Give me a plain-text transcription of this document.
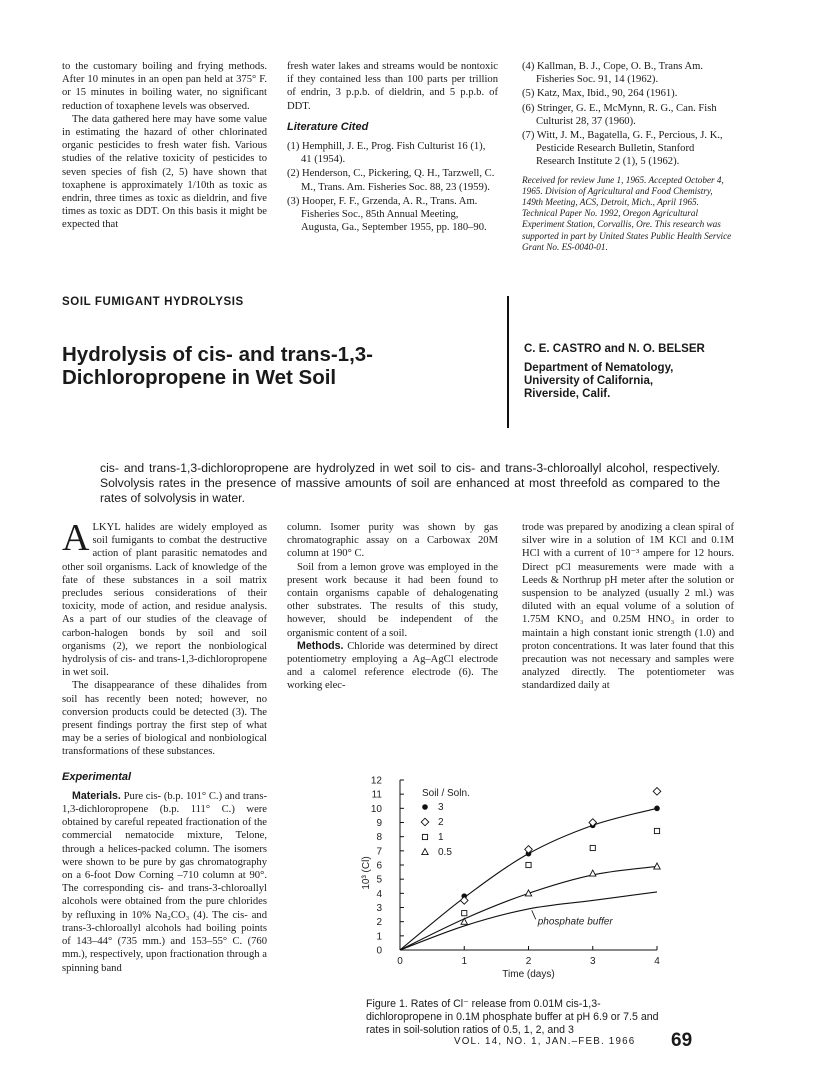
to the customary boiling and frying methods. After 10 minutes in an open pan held at 375° F. or 15 minutes in boiling water, no significant reduction of toxaphene levels was observed.

The data gathered here may have some value in estimating the hazard of other chlorinated organic pesticides to fresh water fish. Various studies of the relative toxicity of pesticides to seven species of fish (2, 5) have shown that toxaphene is approximately 1/10th as toxic as endrin, three times as toxic as dieldrin, and five times as toxic as DDT. On this basis it might be expected that

fresh water lakes and streams would be nontoxic if they contained less than 100 parts per trillion of endrin, 3 p.p.b. of dieldrin, and 5 p.p.b. of DDT.

Literature Cited
(1) Hemphill, J. E., Prog. Fish Culturist 16 (1), 41 (1954).
(2) Henderson, C., Pickering, Q. H., Tarzwell, C. M., Trans. Am. Fisheries Soc. 88, 23 (1959).
(3) Hooper, F. F., Grzenda, A. R., Trans. Am. Fisheries Soc., 85th Annual Meeting, Augusta, Ga., September 1955, pp. 180–90.
(4) Kallman, B. J., Cope, O. B., Trans Am. Fisheries Soc. 91, 14 (1962).
(5) Katz, Max, Ibid., 90, 264 (1961).
(6) Stringer, G. E., McMynn, R. G., Can. Fish Culturist 28, 37 (1960).
(7) Witt, J. M., Bagatella, G. F., Percious, J. K., Pesticide Research Bulletin, Stanford Research Institute 2 (1), 5 (1962).
Received for review June 1, 1965. Accepted October 4, 1965. Division of Agricultural and Food Chemistry, 149th Meeting, ACS, Detroit, Mich., April 1965. Technical Paper No. 1992, Oregon Agricultural Experiment Station, Corvallis, Ore. This research was supported in part by United States Public Health Service Grant No. ES-0040-01.
SOIL FUMIGANT HYDROLYSIS
Hydrolysis of cis- and trans-1,3-Dichloropropene in Wet Soil
C. E. CASTRO and N. O. BELSER
Department of Nematology,
University of California,
Riverside, Calif.
cis- and trans-1,3-dichloropropene are hydrolyzed in wet soil to cis- and trans-3-chloroallyl alcohol, respectively. Solvolysis rates in the presence of massive amounts of soil are enhanced at most threefold as compared to the rates of solvolysis in water.

ALKYL halides are widely employed as soil fumigants to combat the destructive action of plant parasitic nematodes and other soil organisms. Lack of knowledge of the fate of these substances in a soil matrix precludes serious considerations of their toxicity, mode of action, and residue analysis. As a part of our studies of the cleavage of carbon-halogen bonds by soil and soil organisms (2), we report the nonbiological hydrolysis of cis- and trans-1,3-dichloropropene in wet soil.

The disappearance of these dihalides from soil has recently been noted; however, no conversion products could be detected (3). The present findings portray the first step of what may be a series of biological and nonbiological transformations of these substances.

Experimental

Materials. Pure cis- (b.p. 101° C.) and trans-1,3-dichloropropene (b.p. 111° C.) were obtained by careful repeated fractionation of the commercial nematocide mixture, Telone, through a helices-packed column. The isomers were shown to be pure by gas chromatography on a 6-foot Dow Corning –710 column at 90°. The corresponding cis- and trans-3-chloroallyl alcohols were obtained from the pure chlorides by refluxing in 10% Na₂CO₃ (4). The cis- and trans-3-chloroallyl alcohols had boiling points of 143–44° (735 mm.) and 153–55° C. (760 mm.), respectively, upon fractionation through a spinning band

column. Isomer purity was shown by gas chromatographic assay on a Carbowax 20M column at 190° C.

Soil from a lemon grove was employed in the present work because it had been found to contain organisms capable of dehalogenating other substrates. The results of this study, however, should be independent of the organismic content of a soil.

Methods. Chloride was determined by direct potentiometry employing a Ag–AgCl electrode and a calomel reference electrode (6). The working elec-

trode was prepared by anodizing a clean spiral of silver wire in a solution of 1M KCl and 0.1M HCl with a current of 10⁻³ ampere for 12 hours. Direct pCl measurements were made with a Leeds & Northrup pH meter after the solution or suspension to be analyzed (usually 2 ml.) was diluted with an equal volume of a solution of 1.75M KNO₃ and 0.25M HNO₃ in order to maintain a high constant ionic strength (1.0) and proton concentrations. It was later found that this precaution was not necessary and samples were analyzed directly. The potentiometer was standardized daily at

0
1
2
3
4
5
6
7
8
9
10
11
12
0	1	2	3	4
Time (days)
10³ (Cl)
Soil / Soln.
3
2
1
0.5
phosphate buffer
Figure 1. Rates of Cl⁻ release from 0.01M cis-1,3-dichloropropene in 0.1M phosphate buffer at pH 6.9 or 7.5 and rates in soil-solution ratios of 0.5, 1, 2, and 3
VOL. 14, NO. 1, JAN.–FEB. 1966 69
